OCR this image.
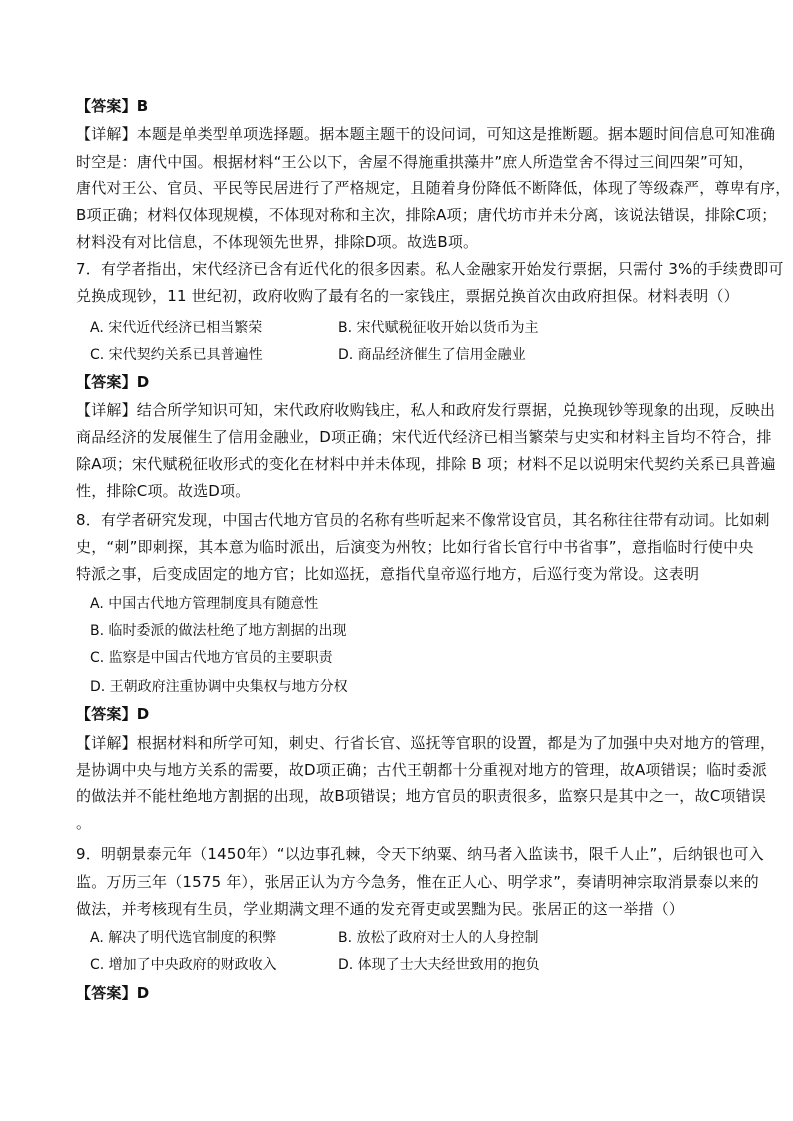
【答案】B
【详解】本题是单类型单项选择题。据本题主题干的设问词，可知这是推断题。据本题时间信息可知准确
时空是：唐代中国。根据材料“王公以下，舍屋不得施重拱藻井”庶人所造堂舍不得过三间四架”可知，
唐代对王公、官员、平民等民居进行了严格规定，且随着身份降低不断降低，体现了等级森严，尊卑有序，
B项正确；材料仅体现规模，不体现对称和主次，排除A项；唐代坊市并未分离，该说法错误，排除C项；
材料没有对比信息，不体现领先世界，排除D项。故选B项。
7．有学者指出，宋代经济已含有近代化的很多因素。私人金融家开始发行票据，只需付 3%的手续费即可
兑换成现钞，11 世纪初，政府收购了最有名的一家钱庄，票据兑换首次由政府担保。材料表明（）
A. 宋代近代经济已相当繁荣	B. 宋代赋税征收开始以货币为主
C. 宋代契约关系已具普遍性	D. 商品经济催生了信用金融业
【答案】D
【详解】结合所学知识可知，宋代政府收购钱庄，私人和政府发行票据，兑换现钞等现象的出现，反映出
商品经济的发展催生了信用金融业，D项正确；宋代近代经济已相当繁荣与史实和材料主旨均不符合，排
除A项；宋代赋税征收形式的变化在材料中并未体现，排除 B 项；材料不足以说明宋代契约关系已具普遍
性，排除C项。故选D项。
8．有学者研究发现，中国古代地方官员的名称有些听起来不像常设官员，其名称往往带有动词。比如刺
史，“刺”即刺探，其本意为临时派出，后演变为州牧；比如行省长官行中书省事”，意指临时行使中央
特派之事，后变成固定的地方官；比如巡抚，意指代皇帝巡行地方，后巡行变为常设。这表明
A. 中国古代地方管理制度具有随意性
B. 临时委派的做法杜绝了地方割据的出现
C. 监察是中国古代地方官员的主要职责
D. 王朝政府注重协调中央集权与地方分权
【答案】D
【详解】根据材料和所学可知，刺史、行省长官、巡抚等官职的设置，都是为了加强中央对地方的管理，
是协调中央与地方关系的需要，故D项正确；古代王朝都十分重视对地方的管理，故A项错误；临时委派
的做法并不能杜绝地方割据的出现，故B项错误；地方官员的职责很多，监察只是其中之一，故C项错误
。
9．明朝景泰元年（1450年）“以边事孔棘，令天下纳粟、纳马者入监读书，限千人止”，后纳银也可入
监。万历三年（1575 年），张居正认为方今急务，惟在正人心、明学求”，奏请明神宗取消景泰以来的
做法，并考核现有生员，学业期满文理不通的发充胥吏或罢黜为民。张居正的这一举措（）
A. 解决了明代选官制度的积弊	B. 放松了政府对士人的人身控制
C. 增加了中央政府的财政收入	D. 体现了士大夫经世致用的抱负
【答案】D
